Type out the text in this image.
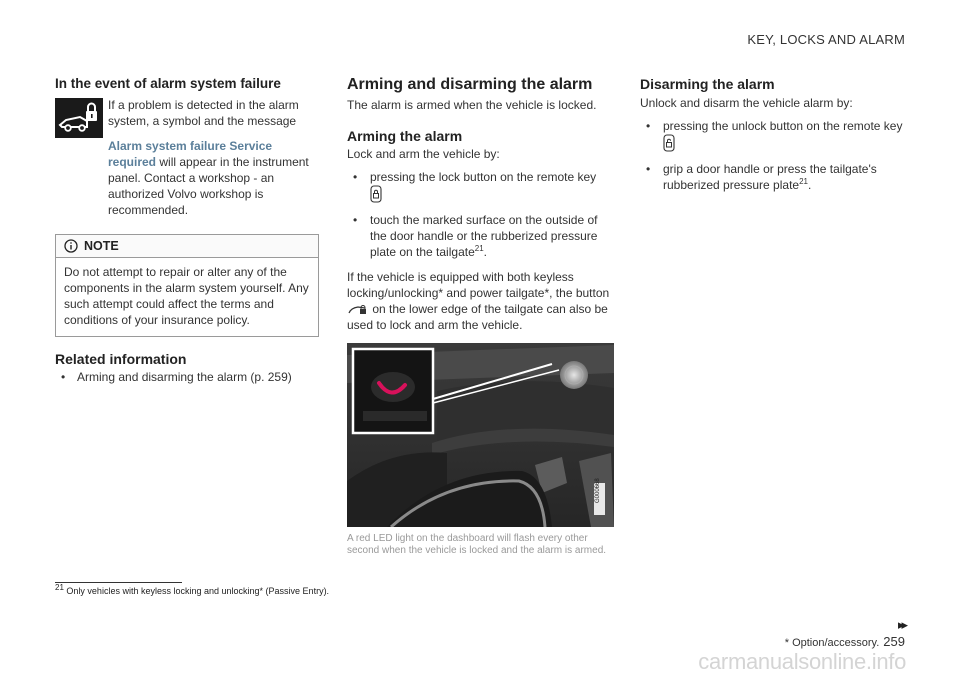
KEY, LOCKS AND ALARM
In the event of alarm system failure

If a problem is detected in the alarm system, a symbol and the message

Alarm system failure Service required will appear in the instrument panel. Contact a workshop - an authorized Volvo workshop is recommended.

NOTE
Do not attempt to repair or alter any of the components in the alarm system yourself. Any such attempt could affect the terms and conditions of your insurance policy.
Related information
• Arming and disarming the alarm (p. 259)
Arming and disarming the alarm

The alarm is armed when the vehicle is locked.

Arming the alarm

Lock and arm the vehicle by:

• pressing the lock button on the remote key

• touch the marked surface on the outside of the door handle or the rubberized pressure plate on the tailgate$^{21}$.

If the vehicle is equipped with both keyless locking/unlocking* and power tailgate*, the button
on the lower edge of the tailgate can also be used to lock and arm the vehicle.

G000668
A red LED light on the dashboard will flash every other second when the vehicle is locked and the alarm is armed.
Disarming the alarm

Unlock and disarm the vehicle alarm by:

• pressing the unlock button on the remote key
• grip a door handle or press the tailgate's rubberized pressure plate$^{21}$.
$^{21}$ Only vehicles with keyless locking and unlocking* (Passive Entry).
▸▸
* Option/accessory. 259
carmanualsonline.info
